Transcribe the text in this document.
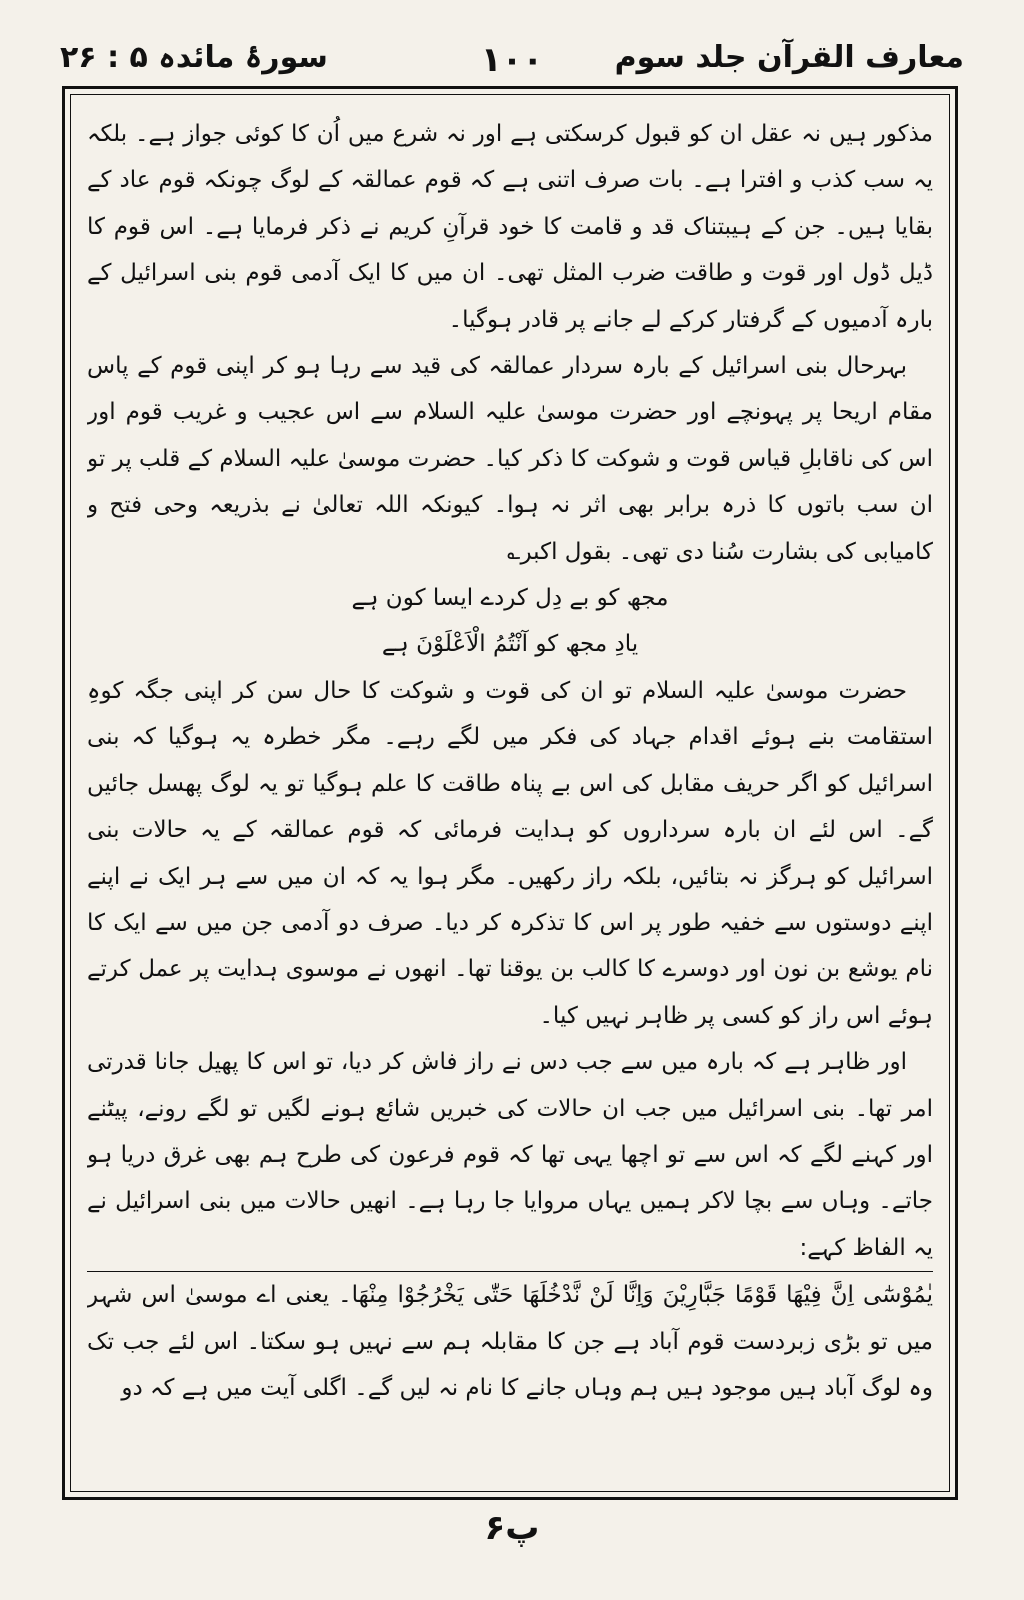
معارف القرآن جلد سوم
۱۰۰
سورۂ مائدہ ۵ : ۲۶

مذکور ہیں نہ عقل ان کو قبول کرسکتی ہے اور نہ شرع میں اُن کا کوئی جواز ہے۔ بلکہ یہ سب کذب و افترا ہے۔ بات صرف اتنی ہے کہ قوم عمالقہ کے لوگ چونکہ قوم عاد کے بقایا ہیں۔ جن کے ہیبتناک قد و قامت کا خود قرآنِ کریم نے ذکر فرمایا ہے۔ اس قوم کا ڈیل ڈول اور قوت و طاقت ضرب المثل تھی۔ ان میں کا ایک آدمی قوم بنی اسرائیل کے بارہ آدمیوں کے گرفتار کرکے لے جانے پر قادر ہوگیا۔

بہرحال بنی اسرائیل کے بارہ سردار عمالقہ کی قید سے رہا ہو کر اپنی قوم کے پاس مقام اریحا پر پہونچے اور حضرت موسیٰ علیہ السلام سے اس عجیب و غریب قوم اور اس کی ناقابلِ قیاس قوت و شوکت کا ذکر کیا۔ حضرت موسیٰ علیہ السلام کے قلب پر تو ان سب باتوں کا ذرہ برابر بھی اثر نہ ہوا۔ کیونکہ اللہ تعالیٰ نے بذریعہ وحی فتح و کامیابی کی بشارت سُنا دی تھی۔ بقول اکبر؎

مجھ کو بے دِل کردے ایسا کون ہے

یادِ مجھ کو آنْتُمُ الْاَعْلَوْنَ ہے

حضرت موسیٰ علیہ السلام تو ان کی قوت و شوکت کا حال سن کر اپنی جگہ کوہِ استقامت بنے ہوئے اقدام جہاد کی فکر میں لگے رہے۔ مگر خطرہ یہ ہوگیا کہ بنی اسرائیل کو اگر حریف مقابل کی اس بے پناہ طاقت کا علم ہوگیا تو یہ لوگ پھسل جائیں گے۔ اس لئے ان بارہ سرداروں کو ہدایت فرمائی کہ قوم عمالقہ کے یہ حالات بنی اسرائیل کو ہرگز نہ بتائیں، بلکہ راز رکھیں۔ مگر ہوا یہ کہ ان میں سے ہر ایک نے اپنے اپنے دوستوں سے خفیہ طور پر اس کا تذکرہ کر دیا۔ صرف دو آدمی جن میں سے ایک کا نام یوشع بن نون اور دوسرے کا کالب بن یوقنا تھا۔ انھوں نے موسوی ہدایت پر عمل کرتے ہوئے اس راز کو کسی پر ظاہر نہیں کیا۔

اور ظاہر ہے کہ بارہ میں سے جب دس نے راز فاش کر دیا، تو اس کا پھیل جانا قدرتی امر تھا۔ بنی اسرائیل میں جب ان حالات کی خبریں شائع ہونے لگیں تو لگے رونے، پیٹنے اور کہنے لگے کہ اس سے تو اچھا یہی تھا کہ قوم فرعون کی طرح ہم بھی غرق دریا ہو جاتے۔ وہاں سے بچا لاکر ہمیں یہاں مروایا جا رہا ہے۔ انھیں حالات میں بنی اسرائیل نے یہ الفاظ کہے:

یٰمُوْسٰٓی اِنَّ فِیْهَا قَوْمًا جَبَّارِیْنَ وَاِنَّا لَنْ نَّدْخُلَهَا حَتّٰی یَخْرُجُوْا مِنْهَا۔ یعنی اے موسیٰ اس شہر میں تو بڑی زبردست قوم آباد ہے جن کا مقابلہ ہم سے نہیں ہو سکتا۔ اس لئے جب تک وہ لوگ آباد ہیں موجود ہیں ہم وہاں جانے کا نام نہ لیں گے۔ اگلی آیت میں ہے کہ دو

۶پ
